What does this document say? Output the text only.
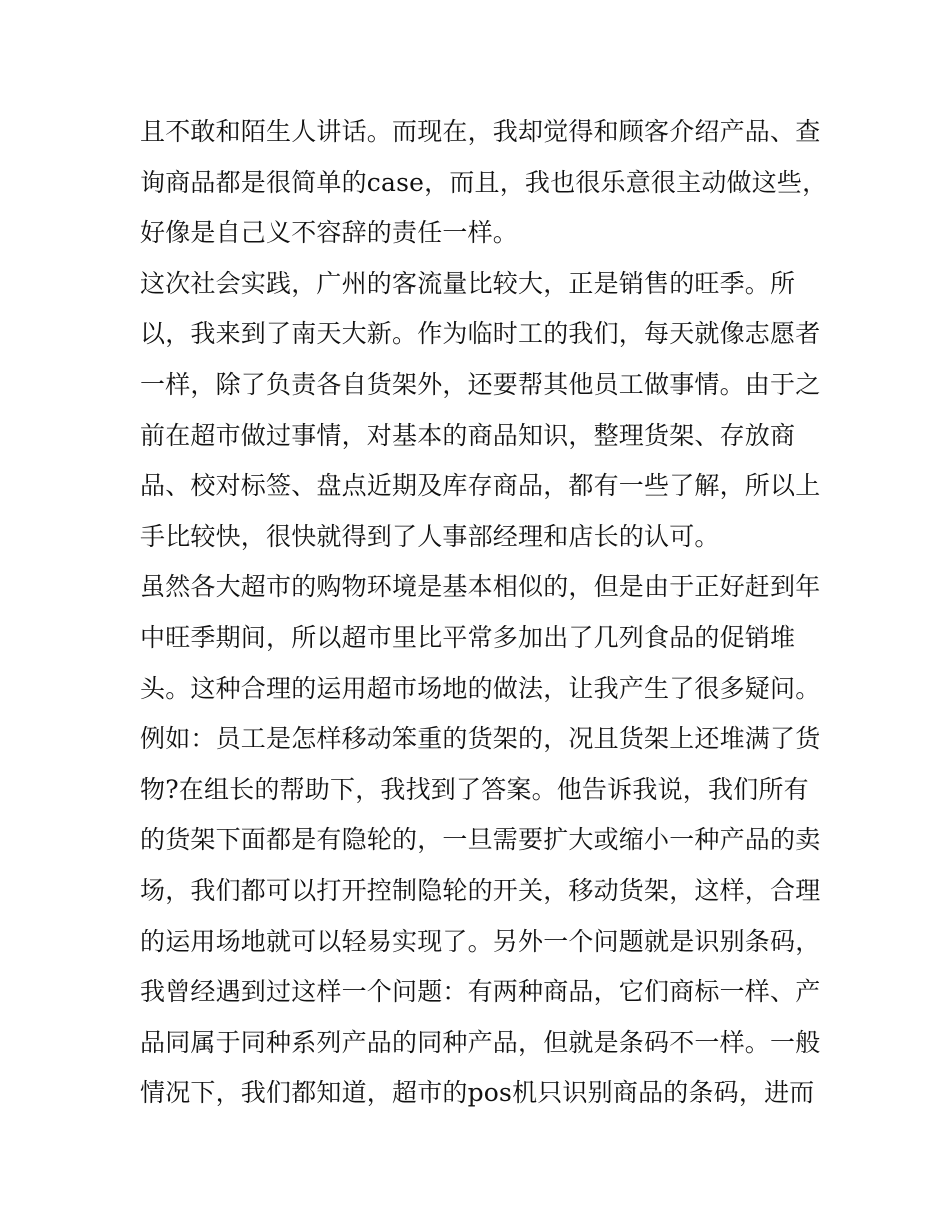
且不敢和陌生人讲话。而现在，我却觉得和顾客介绍产品、查
询商品都是很简单的case，而且，我也很乐意很主动做这些，
好像是自己义不容辞的责任一样。
这次社会实践，广州的客流量比较大，正是销售的旺季。所
以，我来到了南天大新。作为临时工的我们，每天就像志愿者
一样，除了负责各自货架外，还要帮其他员工做事情。由于之
前在超市做过事情，对基本的商品知识，整理货架、存放商
品、校对标签、盘点近期及库存商品，都有一些了解，所以上
手比较快，很快就得到了人事部经理和店长的认可。
虽然各大超市的购物环境是基本相似的，但是由于正好赶到年
中旺季期间，所以超市里比平常多加出了几列食品的促销堆
头。这种合理的运用超市场地的做法，让我产生了很多疑问。
例如：员工是怎样移动笨重的货架的，况且货架上还堆满了货
物?在组长的帮助下，我找到了答案。他告诉我说，我们所有
的货架下面都是有隐轮的，一旦需要扩大或缩小一种产品的卖
场，我们都可以打开控制隐轮的开关，移动货架，这样，合理
的运用场地就可以轻易实现了。另外一个问题就是识别条码，
我曾经遇到过这样一个问题：有两种商品，它们商标一样、产
品同属于同种系列产品的同种产品，但就是条码不一样。一般
情况下，我们都知道，超市的pos机只识别商品的条码，进而
